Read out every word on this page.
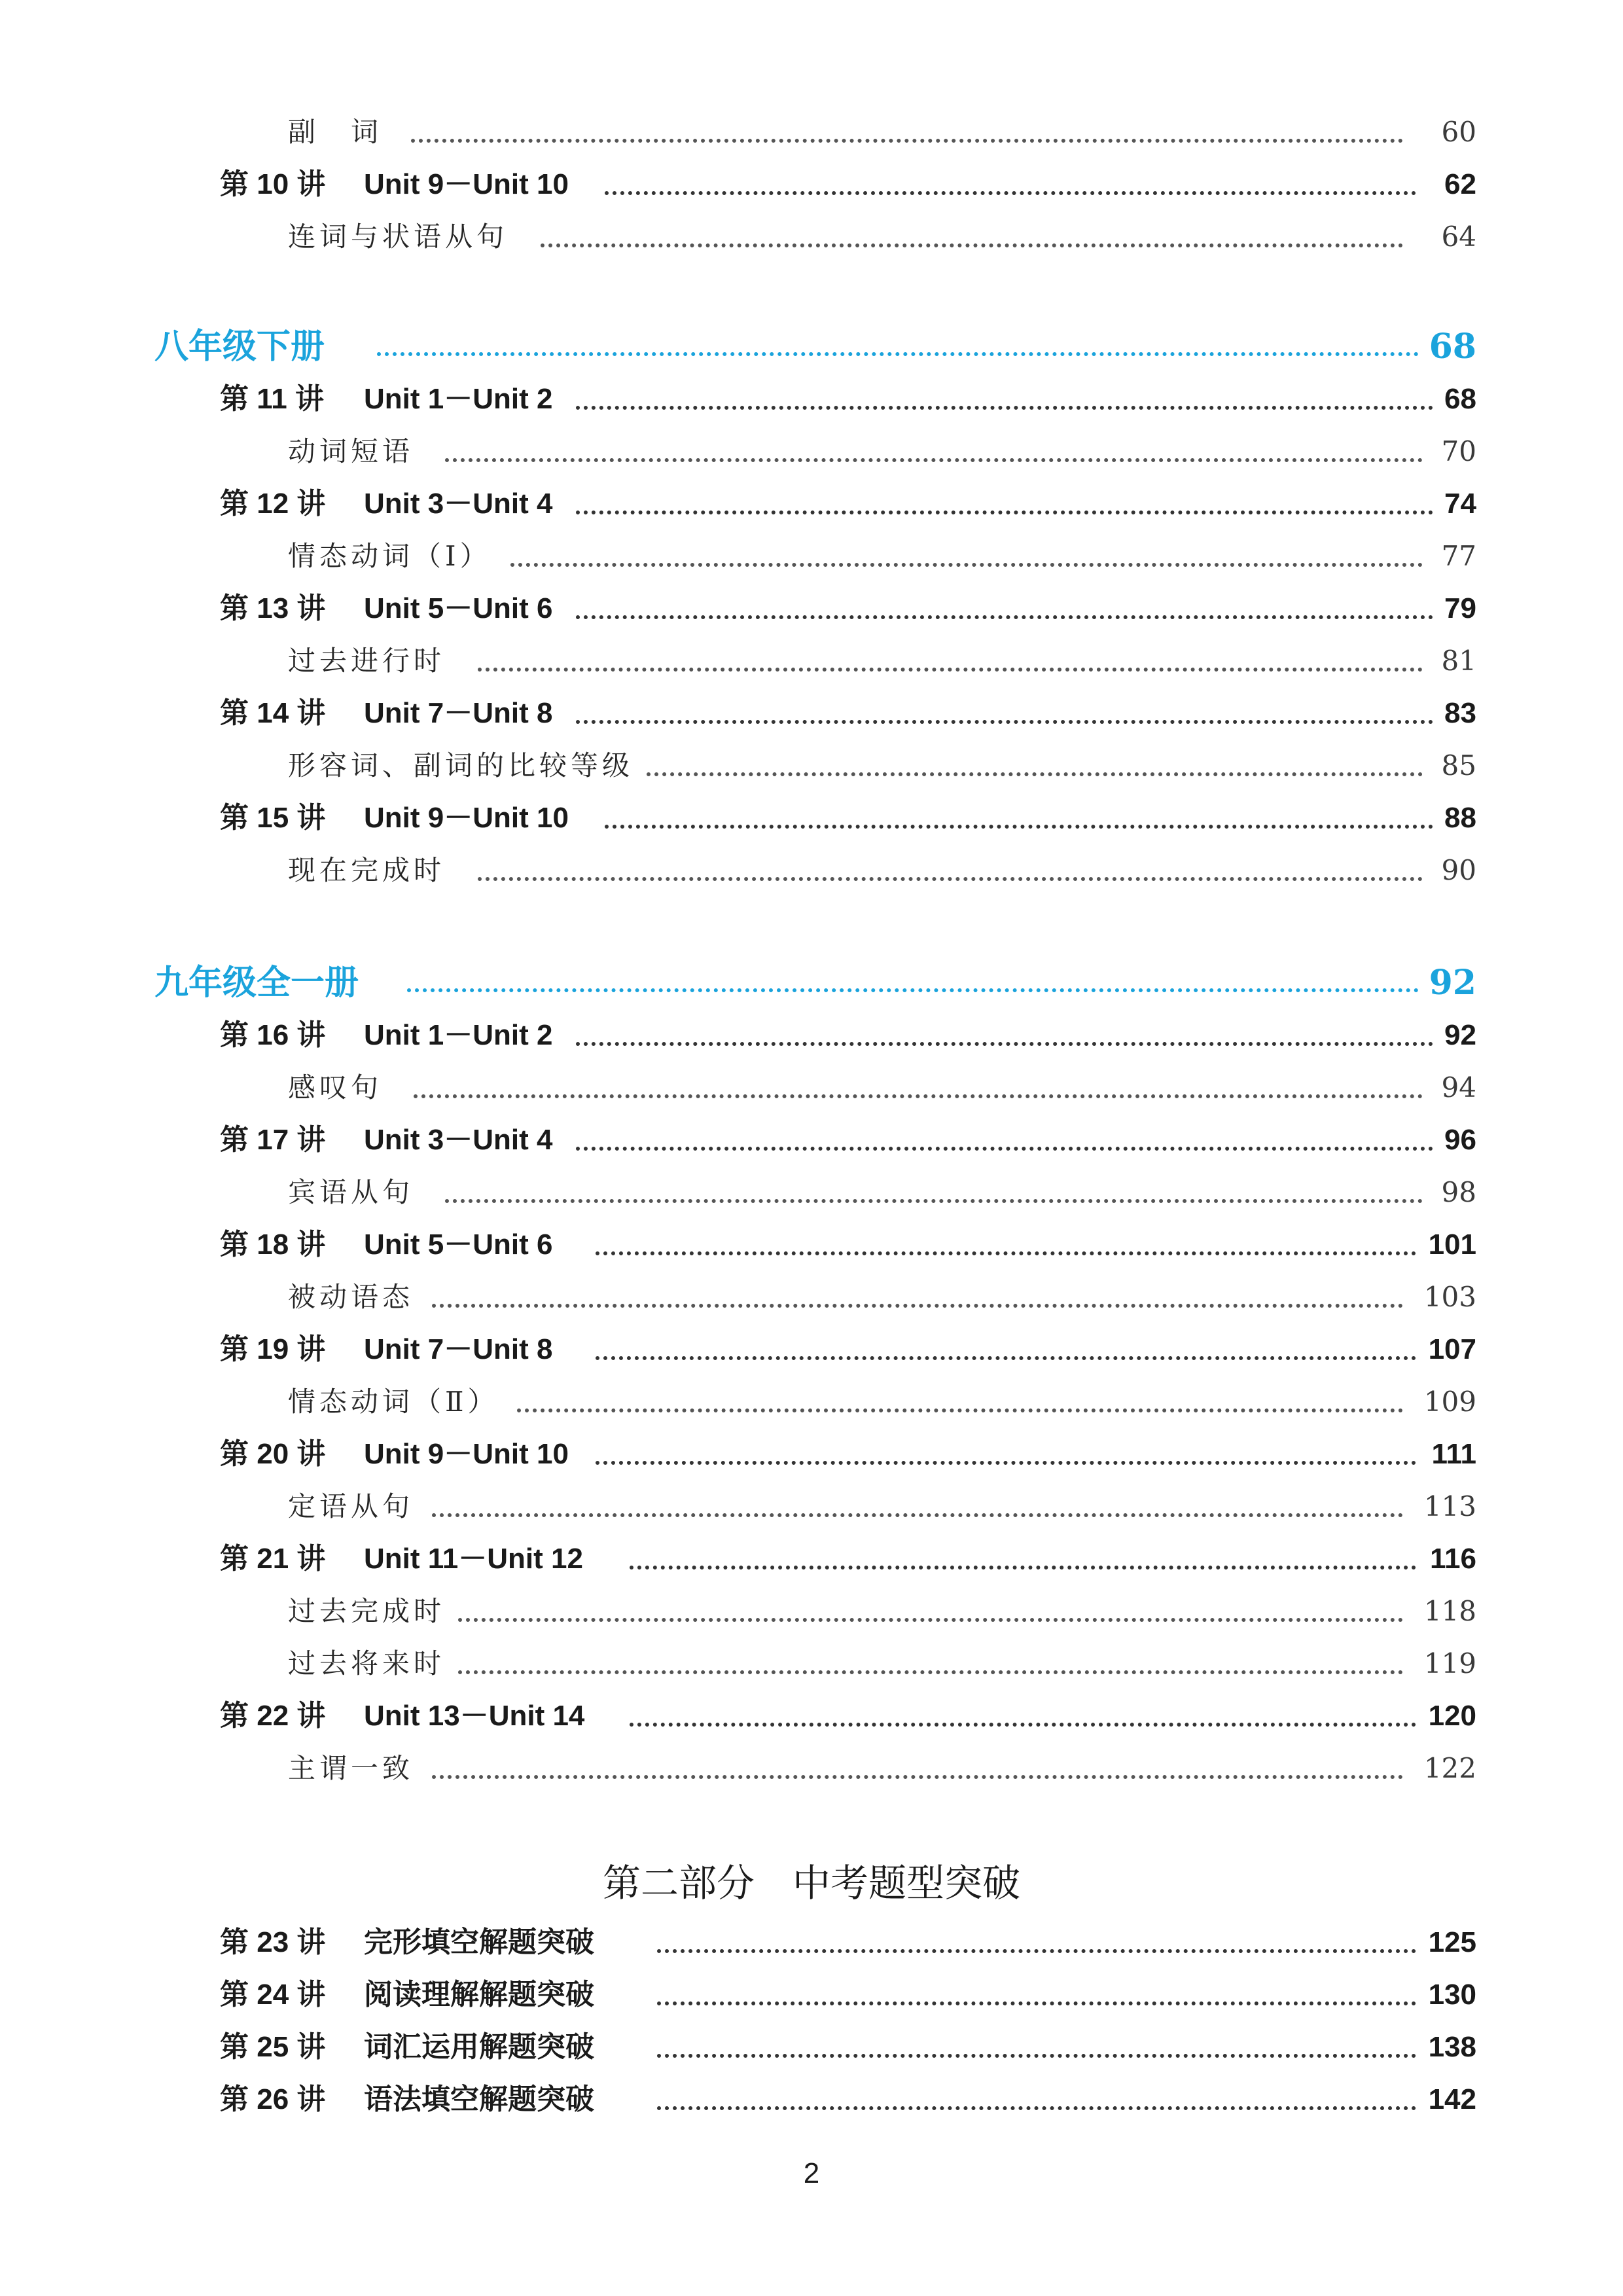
副　词	60
第 10 讲 Unit 9－Unit 10	62
连词与状语从句	64
八年级下册	68
第 11 讲 Unit 1－Unit 2	68
动词短语	70
第 12 讲 Unit 3－Unit 4	74
情态动词（Ⅰ）	77
第 13 讲 Unit 5－Unit 6	79
过去进行时	81
第 14 讲 Unit 7－Unit 8	83
形容词、副词的比较等级	85
第 15 讲 Unit 9－Unit 10	88
现在完成时	90
九年级全一册	92
第 16 讲 Unit 1－Unit 2	92
感叹句	94
第 17 讲 Unit 3－Unit 4	96
宾语从句	98
第 18 讲 Unit 5－Unit 6	101
被动语态	103
第 19 讲 Unit 7－Unit 8	107
情态动词（Ⅱ）	109
第 20 讲 Unit 9－Unit 10	111
定语从句	113
第 21 讲 Unit 11－Unit 12	116
过去完成时	118
过去将来时	119
第 22 讲 Unit 13－Unit 14	120
主谓一致	122
第二部分　中考题型突破
第 23 讲 完形填空解题突破	125
第 24 讲 阅读理解解题突破	130
第 25 讲 词汇运用解题突破	138
第 26 讲 语法填空解题突破	142
2
